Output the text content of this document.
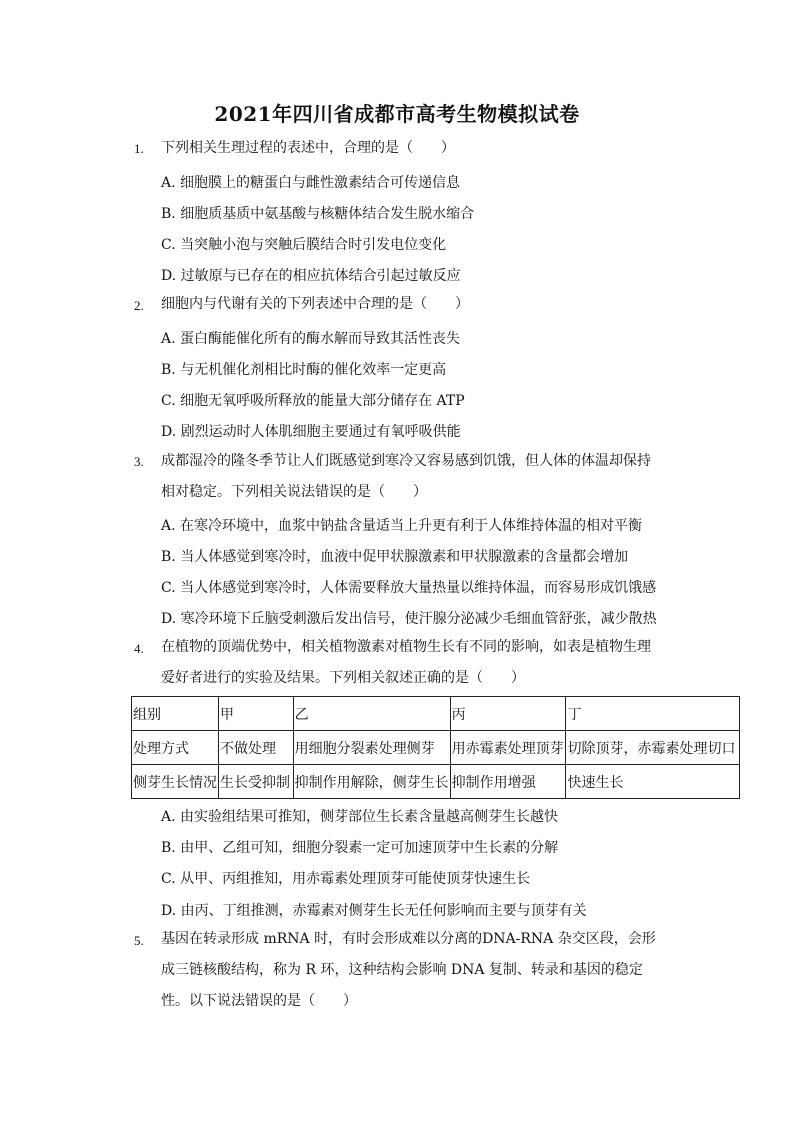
2021年四川省成都市高考生物模拟试卷
1. 下列相关生理过程的表述中，合理的是（　　）
A. 细胞膜上的糖蛋白与雌性激素结合可传递信息
B. 细胞质基质中氨基酸与核糖体结合发生脱水缩合
C. 当突触小泡与突触后膜结合时引发电位变化
D. 过敏原与已存在的相应抗体结合引起过敏反应
2. 细胞内与代谢有关的下列表述中合理的是（　　）
A. 蛋白酶能催化所有的酶水解而导致其活性丧失
B. 与无机催化剂相比时酶的催化效率一定更高
C. 细胞无氧呼吸所释放的能量大部分储存在 ATP
D. 剧烈运动时人体肌细胞主要通过有氧呼吸供能
3. 成都湿冷的隆冬季节让人们既感觉到寒冷又容易感到饥饿，但人体的体温却保持相对稳定。下列相关说法错误的是（　　）
A. 在寒冷环境中，血浆中钠盐含量适当上升更有利于人体维持体温的相对平衡
B. 当人体感觉到寒冷时，血液中促甲状腺激素和甲状腺激素的含量都会增加
C. 当人体感觉到寒冷时，人体需要释放大量热量以维持体温，而容易形成饥饿感
D. 寒冷环境下丘脑受刺激后发出信号，使汗腺分泌减少毛细血管舒张，减少散热
4. 在植物的顶端优势中，相关植物激素对植物生长有不同的影响，如表是植物生理爱好者进行的实验及结果。下列相关叙述正确的是（　　）
组别	甲	乙	丙	丁
处理方式	不做处理	用细胞分裂素处理侧芽	用赤霉素处理顶芽	切除顶芽，赤霉素处理切口
侧芽生长情况	生长受抑制	抑制作用解除，侧芽生长	抑制作用增强	快速生长
A. 由实验组结果可推知，侧芽部位生长素含量越高侧芽生长越快
B. 由甲、乙组可知，细胞分裂素一定可加速顶芽中生长素的分解
C. 从甲、丙组推知，用赤霉素处理顶芽可能使顶芽快速生长
D. 由丙、丁组推测，赤霉素对侧芽生长无任何影响而主要与顶芽有关
5. 基因在转录形成 mRNA 时，有时会形成难以分离的DNA-RNA 杂交区段，会形成三链核酸结构，称为 R 环，这种结构会影响 DNA 复制、转录和基因的稳定性。以下说法错误的是（　　）
